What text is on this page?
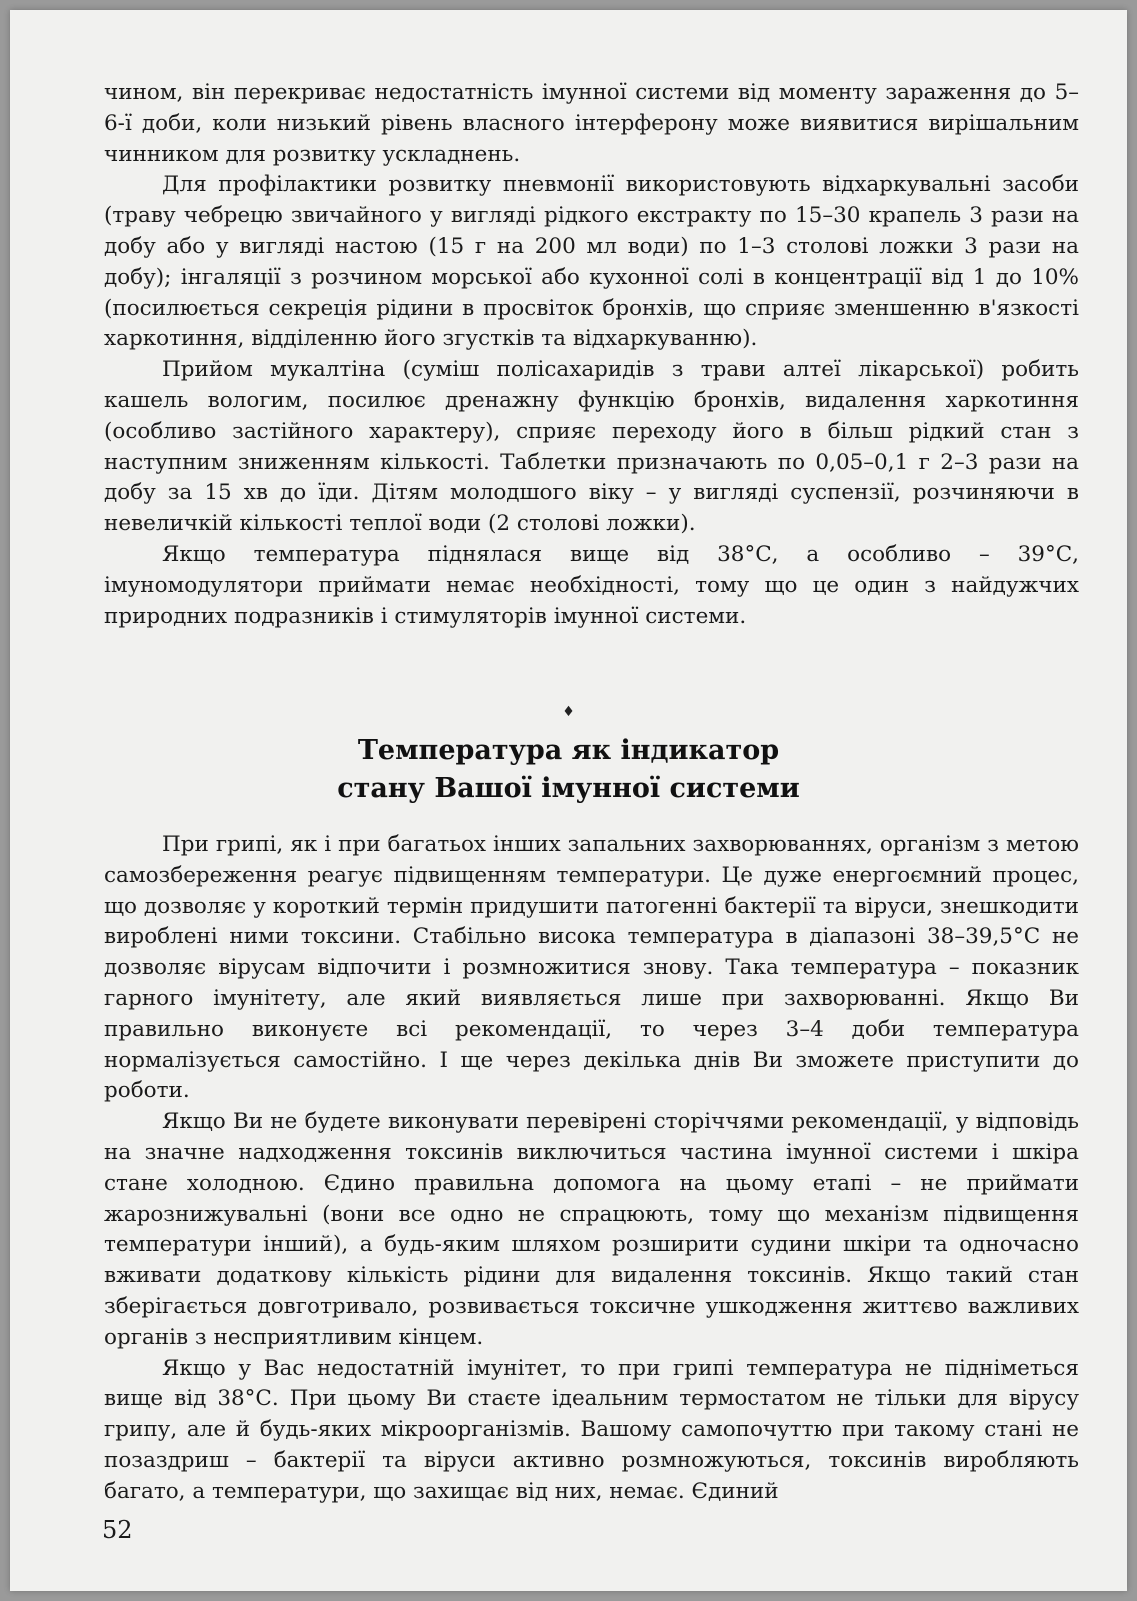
чином, він перекриває недостатність імунної системи від моменту зараження до 5–6-ї доби, коли низький рівень власного інтерферону може виявитися вирішальним чинником для розвитку ускладнень.

Для профілактики розвитку пневмонії використовують відхаркувальні засоби (траву чебрецю звичайного у вигляді рідкого екстракту по 15–30 крапель 3 рази на добу або у вигляді настою (15 г на 200 мл води) по 1–3 столові ложки 3 рази на добу); інгаляції з розчином морської або кухонної солі в концентрації від 1 до 10% (посилюється секреція рідини в просвіток бронхів, що сприяє зменшенню в'язкості харкотиння, відділенню його згустків та відхаркуванню).

Прийом мукалтіна (суміш полісахаридів з трави алтеї лікарської) робить кашель вологим, посилює дренажну функцію бронхів, видалення харкотиння (особливо застійного характеру), сприяє переходу його в більш рідкий стан з наступним зниженням кількості. Таблетки призначають по 0,05–0,1 г 2–3 рази на добу за 15 хв до їди. Дітям молодшого віку – у вигляді суспензії, розчиняючи в невеличкій кількості теплої води (2 столові ложки).

Якщо температура піднялася вище від 38°С, а особливо – 39°С, імуномодулятори приймати немає необхідності, тому що це один з найдужчих природних подразників і стимуляторів імунної системи.

♦
Температура як індикатор
стану Вашої імунної системи

При грипі, як і при багатьох інших запальних захворюваннях, організм з метою самозбереження реагує підвищенням температури. Це дуже енергоємний процес, що дозволяє у короткий термін придушити патогенні бактерії та віруси, знешкодити вироблені ними токсини. Стабільно висока температура в діапазоні 38–39,5°С не дозволяє вірусам відпочити і розмножитися знову. Така температура – показник гарного імунітету, але який виявляється лише при захворюванні. Якщо Ви правильно виконуєте всі рекомендації, то через 3–4 доби температура нормалізується самостійно. І ще через декілька днів Ви зможете приступити до роботи.

Якщо Ви не будете виконувати перевірені сторіччями рекомендації, у відповідь на значне надходження токсинів виключиться частина імунної системи і шкіра стане холодною. Єдино правильна допомога на цьому етапі – не приймати жарознижувальні (вони все одно не спрацюють, тому що механізм підвищення температури інший), а будь-яким шляхом розширити судини шкіри та одночасно вживати додаткову кількість рідини для видалення токсинів. Якщо такий стан зберігається довготривало, розвивається токсичне ушкодження життєво важливих органів з несприятливим кінцем.

Якщо у Вас недостатній імунітет, то при грипі температура не підніметься вище від 38°С. При цьому Ви стаєте ідеальним термостатом не тільки для вірусу грипу, але й будь-яких мікроорганізмів. Вашому самопочуттю при такому стані не позаздриш – бактерії та віруси активно розмножуються, токсинів виробляють багато, а температури, що захищає від них, немає. Єдиний

52
